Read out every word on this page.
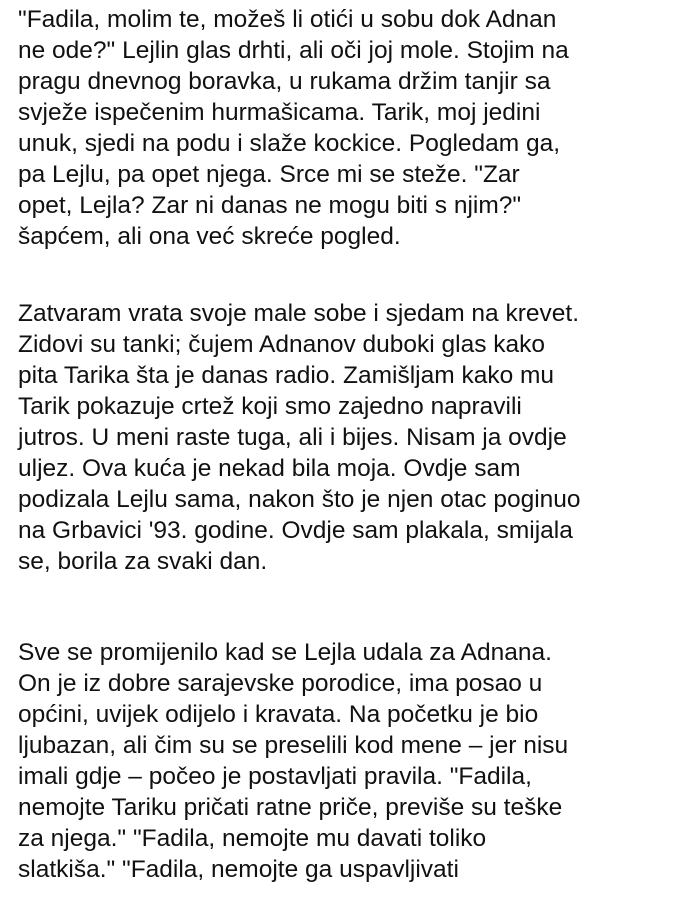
"Fadila, molim te, možeš li otići u sobu dok Adnan
ne ode?" Lejlin glas drhti, ali oči joj mole. Stojim na
pragu dnevnog boravka, u rukama držim tanjir sa
svježe ispečenim hurmašicama. Tarik, moj jedini
unuk, sjedi na podu i slaže kockice. Pogledam ga,
pa Lejlu, pa opet njega. Srce mi se steže. "Zar
opet, Lejla? Zar ni danas ne mogu biti s njim?"
šapćem, ali ona već skreće pogled.

Zatvaram vrata svoje male sobe i sjedam na krevet.
Zidovi su tanki; čujem Adnanov duboki glas kako
pita Tarika šta je danas radio. Zamišljam kako mu
Tarik pokazuje crtež koji smo zajedno napravili
jutros. U meni raste tuga, ali i bijes. Nisam ja ovdje
uljez. Ova kuća je nekad bila moja. Ovdje sam
podizala Lejlu sama, nakon što je njen otac poginuo
na Grbavici '93. godine. Ovdje sam plakala, smijala
se, borila za svaki dan.

Sve se promijenilo kad se Lejla udala za Adnana.
On je iz dobre sarajevske porodice, ima posao u
općini, uvijek odijelo i kravata. Na početku je bio
ljubazan, ali čim su se preselili kod mene – jer nisu
imali gdje – počeo je postavljati pravila. "Fadila,
nemojte Tariku pričati ratne priče, previše su teške
za njega." "Fadila, nemojte mu davati toliko
slatkiša." "Fadila, nemojte ga uspavljivati
